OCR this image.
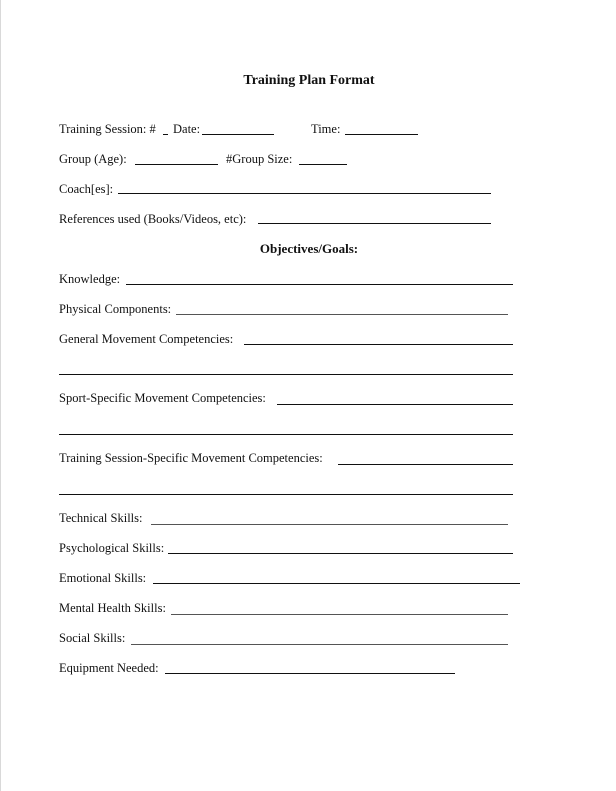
Training Plan Format
Training Session: # Date:	Time:
Group (Age):	#Group Size:
Coach[es]:
References used (Books/Videos, etc):
Objectives/Goals:
Knowledge:
Physical Components:
General Movement Competencies:
Sport-Specific Movement Competencies:
Training Session-Specific Movement Competencies:
Technical Skills:
Psychological Skills:
Emotional Skills:
Mental Health Skills:
Social Skills:
Equipment Needed:
